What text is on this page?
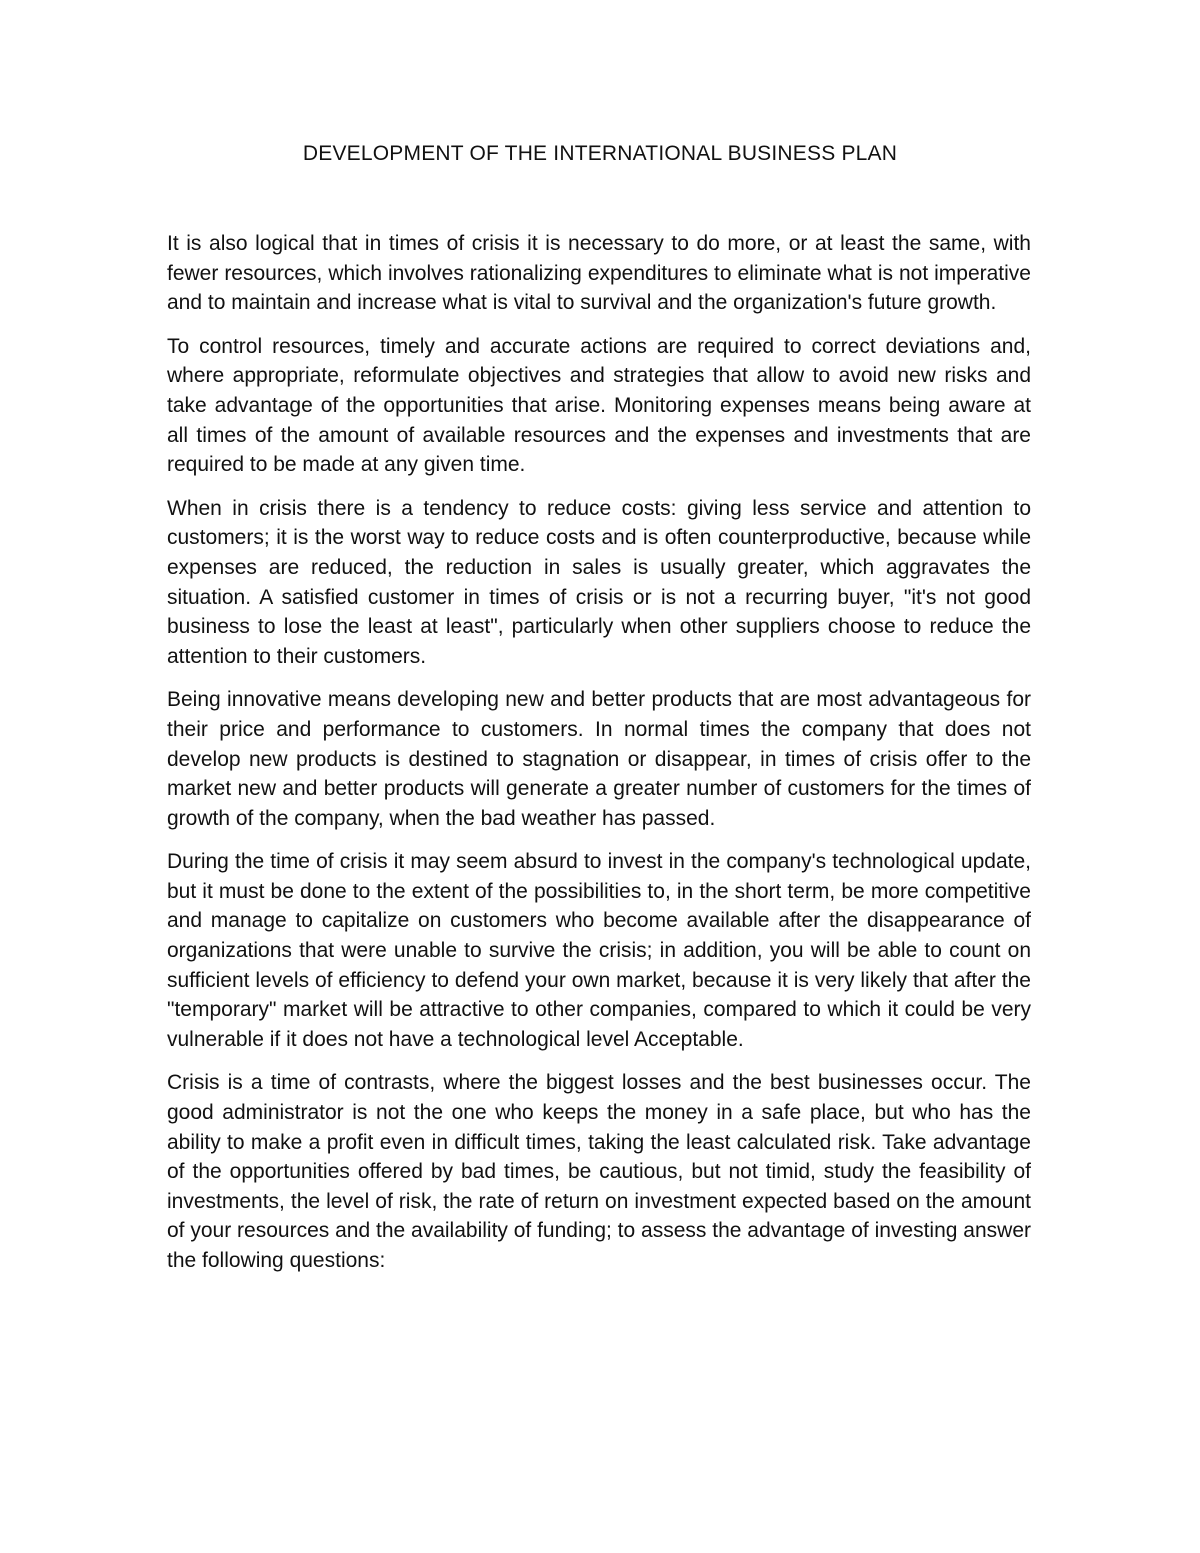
DEVELOPMENT OF THE INTERNATIONAL BUSINESS PLAN

It is also logical that in times of crisis it is necessary to do more, or at least the same, with fewer resources, which involves rationalizing expenditures to eliminate what is not imperative and to maintain and increase what is vital to survival and the organization's future growth.

To control resources, timely and accurate actions are required to correct deviations and, where appropriate, reformulate objectives and strategies that allow to avoid new risks and take advantage of the opportunities that arise. Monitoring expenses means being aware at all times of the amount of available resources and the expenses and investments that are required to be made at any given time.

When in crisis there is a tendency to reduce costs: giving less service and attention to customers; it is the worst way to reduce costs and is often counterproductive, because while expenses are reduced, the reduction in sales is usually greater, which aggravates the situation. A satisfied customer in times of crisis or is not a recurring buyer, "it's not good business to lose the least at least", particularly when other suppliers choose to reduce the attention to their customers.

Being innovative means developing new and better products that are most advantageous for their price and performance to customers. In normal times the company that does not develop new products is destined to stagnation or disappear, in times of crisis offer to the market new and better products will generate a greater number of customers for the times of growth of the company, when the bad weather has passed.

During the time of crisis it may seem absurd to invest in the company's technological update, but it must be done to the extent of the possibilities to, in the short term, be more competitive and manage to capitalize on customers who become available after the disappearance of organizations that were unable to survive the crisis; in addition, you will be able to count on sufficient levels of efficiency to defend your own market, because it is very likely that after the "temporary" market will be attractive to other companies, compared to which it could be very vulnerable if it does not have a technological level Acceptable.

Crisis is a time of contrasts, where the biggest losses and the best businesses occur. The good administrator is not the one who keeps the money in a safe place, but who has the ability to make a profit even in difficult times, taking the least calculated risk. Take advantage of the opportunities offered by bad times, be cautious, but not timid, study the feasibility of investments, the level of risk, the rate of return on investment expected based on the amount of your resources and the availability of funding; to assess the advantage of investing answer the following questions:
